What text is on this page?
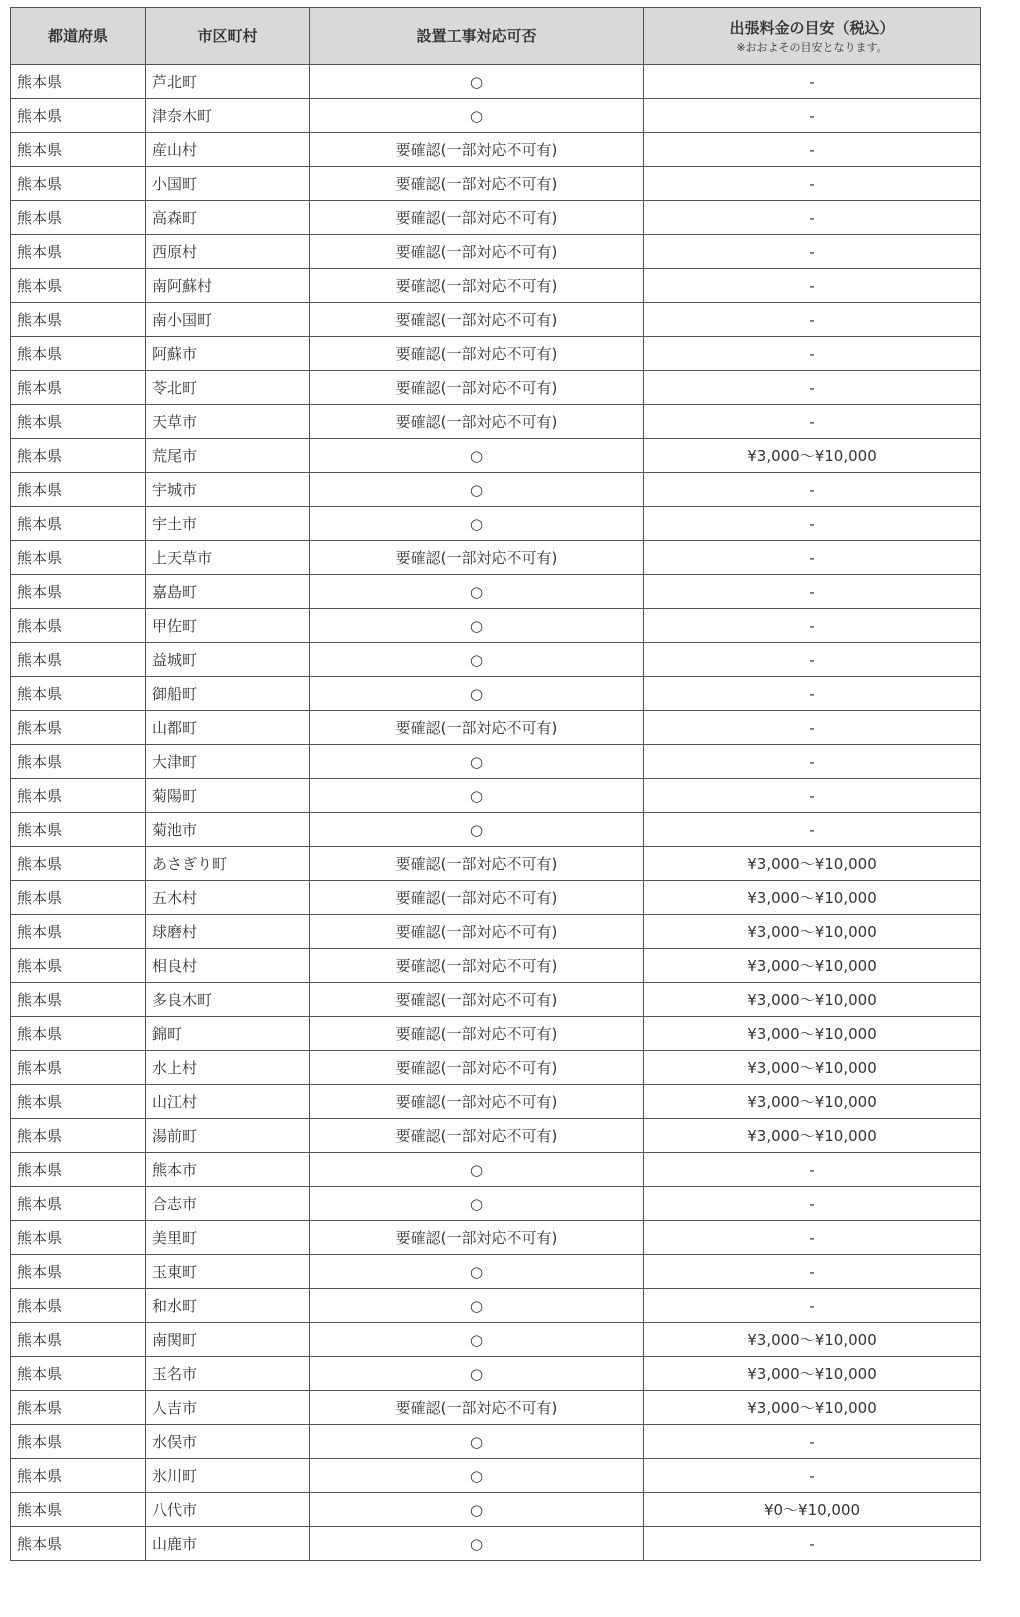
都道府県	市区町村	設置工事対応可否	出張料金の目安（税込）
※おおよその目安となります。

熊本県	芦北町	○	-
熊本県	津奈木町	○	-
熊本県	産山村	要確認(一部対応不可有)	-
熊本県	小国町	要確認(一部対応不可有)	-
熊本県	高森町	要確認(一部対応不可有)	-
熊本県	西原村	要確認(一部対応不可有)	-
熊本県	南阿蘇村	要確認(一部対応不可有)	-
熊本県	南小国町	要確認(一部対応不可有)	-
熊本県	阿蘇市	要確認(一部対応不可有)	-
熊本県	苓北町	要確認(一部対応不可有)	-
熊本県	天草市	要確認(一部対応不可有)	-
熊本県	荒尾市	○	¥3,000～¥10,000
熊本県	宇城市	○	-
熊本県	宇土市	○	-
熊本県	上天草市	要確認(一部対応不可有)	-
熊本県	嘉島町	○	-
熊本県	甲佐町	○	-
熊本県	益城町	○	-
熊本県	御船町	○	-
熊本県	山都町	要確認(一部対応不可有)	-
熊本県	大津町	○	-
熊本県	菊陽町	○	-
熊本県	菊池市	○	-
熊本県	あさぎり町	要確認(一部対応不可有)	¥3,000～¥10,000
熊本県	五木村	要確認(一部対応不可有)	¥3,000～¥10,000
熊本県	球磨村	要確認(一部対応不可有)	¥3,000～¥10,000
熊本県	相良村	要確認(一部対応不可有)	¥3,000～¥10,000
熊本県	多良木町	要確認(一部対応不可有)	¥3,000～¥10,000
熊本県	錦町	要確認(一部対応不可有)	¥3,000～¥10,000
熊本県	水上村	要確認(一部対応不可有)	¥3,000～¥10,000
熊本県	山江村	要確認(一部対応不可有)	¥3,000～¥10,000
熊本県	湯前町	要確認(一部対応不可有)	¥3,000～¥10,000
熊本県	熊本市	○	-
熊本県	合志市	○	-
熊本県	美里町	要確認(一部対応不可有)	-
熊本県	玉東町	○	-
熊本県	和水町	○	-
熊本県	南関町	○	¥3,000～¥10,000
熊本県	玉名市	○	¥3,000～¥10,000
熊本県	人吉市	要確認(一部対応不可有)	¥3,000～¥10,000
熊本県	水俣市	○	-
熊本県	氷川町	○	-
熊本県	八代市	○	¥0～¥10,000
熊本県	山鹿市	○	-
